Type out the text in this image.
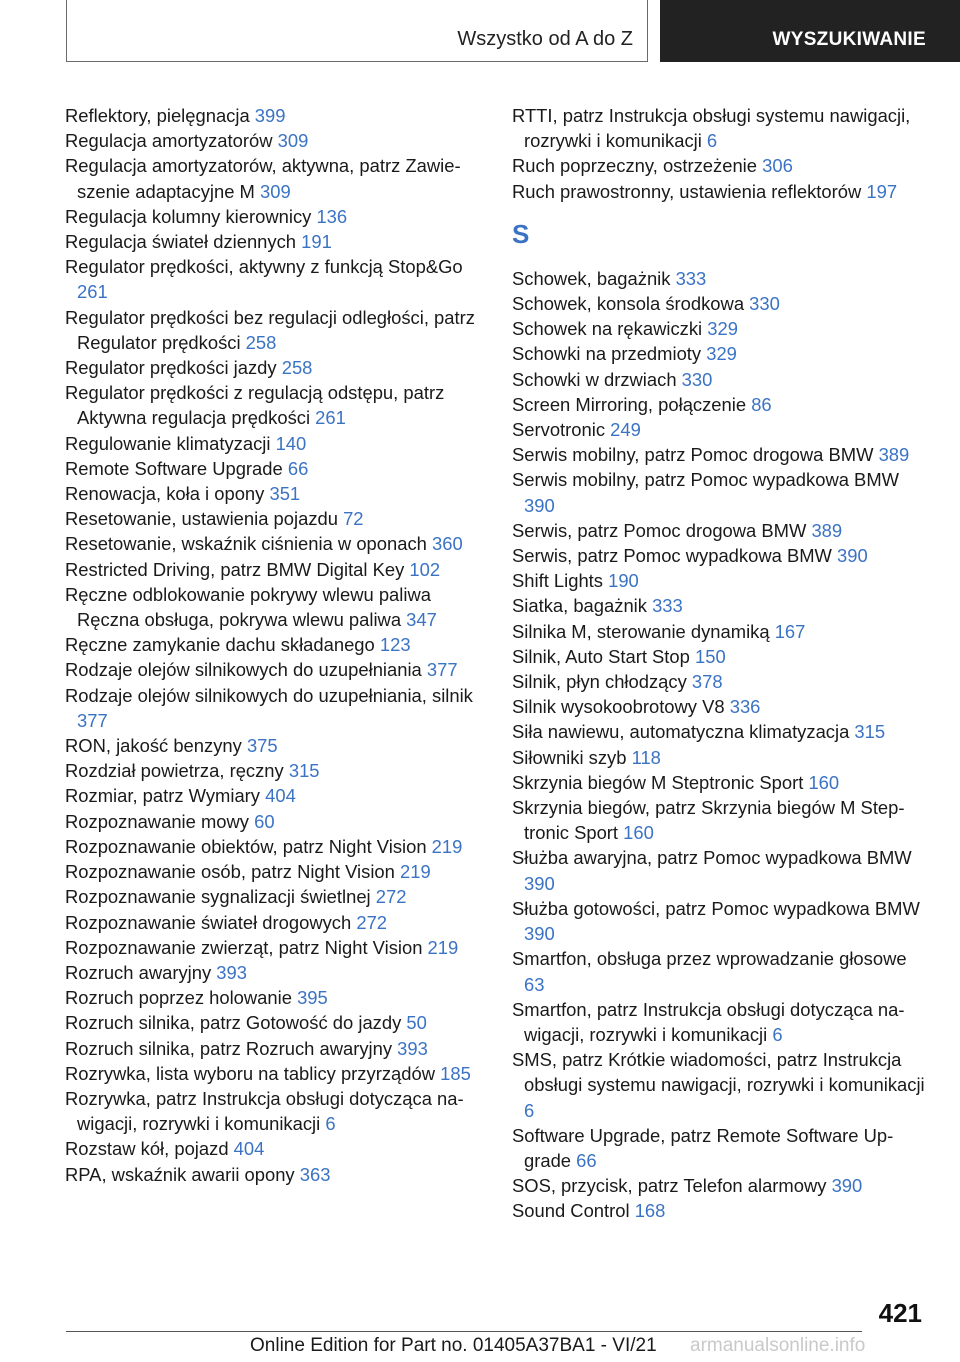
Wszystko od A do Z	WYSZUKIWANIE

Reflektory, pielęgnacja 399

Regulacja amortyzatorów 309

Regulacja amortyzatorów, aktywna, patrz Zawieszenie adaptacyjne M 309

Regulacja kolumny kierownicy 136

Regulacja świateł dziennych 191

Regulator prędkości, aktywny z funkcją Stop&Go 261

Regulator prędkości bez regulacji odległości, patrz Regulator prędkości 258

Regulator prędkości jazdy 258

Regulator prędkości z regulacją odstępu, patrz Aktywna regulacja prędkości 261

Regulowanie klimatyzacji 140

Remote Software Upgrade 66

Renowacja, koła i opony 351

Resetowanie, ustawienia pojazdu 72

Resetowanie, wskaźnik ciśnienia w oponach 360

Restricted Driving, patrz BMW Digital Key 102

Ręczne odblokowanie pokrywy wlewu paliwa Ręczna obsługa, pokrywa wlewu paliwa 347

Ręczne zamykanie dachu składanego 123

Rodzaje olejów silnikowych do uzupełniania 377

Rodzaje olejów silnikowych do uzupełniania, silnik 377

RON, jakość benzyny 375

Rozdział powietrza, ręczny 315

Rozmiar, patrz Wymiary 404

Rozpoznawanie mowy 60

Rozpoznawanie obiektów, patrz Night Vision 219

Rozpoznawanie osób, patrz Night Vision 219

Rozpoznawanie sygnalizacji świetlnej 272

Rozpoznawanie świateł drogowych 272

Rozpoznawanie zwierząt, patrz Night Vision 219

Rozruch awaryjny 393

Rozruch poprzez holowanie 395

Rozruch silnika, patrz Gotowość do jazdy 50

Rozruch silnika, patrz Rozruch awaryjny 393

Rozrywka, lista wyboru na tablicy przyrządów 185

Rozrywka, patrz Instrukcja obsługi dotycząca nawigacji, rozrywki i komunikacji 6

Rozstaw kół, pojazd 404

RPA, wskaźnik awarii opony 363

RTTI, patrz Instrukcja obsługi systemu nawigacji, rozrywki i komunikacji 6

Ruch poprzeczny, ostrzeżenie 306

Ruch prawostronny, ustawienia reflektorów 197

S

Schowek, bagażnik 333

Schowek, konsola środkowa 330

Schowek na rękawiczki 329

Schowki na przedmioty 329

Schowki w drzwiach 330

Screen Mirroring, połączenie 86

Servotronic 249

Serwis mobilny, patrz Pomoc drogowa BMW 389

Serwis mobilny, patrz Pomoc wypadkowa BMW 390

Serwis, patrz Pomoc drogowa BMW 389

Serwis, patrz Pomoc wypadkowa BMW 390

Shift Lights 190

Siatka, bagażnik 333

Silnika M, sterowanie dynamiką 167

Silnik, Auto Start Stop 150

Silnik, płyn chłodzący 378

Silnik wysokoobrotowy V8 336

Siła nawiewu, automatyczna klimatyzacja 315

Siłowniki szyb 118

Skrzynia biegów M Steptronic Sport 160

Skrzynia biegów, patrz Skrzynia biegów M Steptronic Sport 160

Służba awaryjna, patrz Pomoc wypadkowa BMW 390

Służba gotowości, patrz Pomoc wypadkowa BMW 390

Smartfon, obsługa przez wprowadzanie głosowe 63

Smartfon, patrz Instrukcja obsługi dotycząca nawigacji, rozrywki i komunikacji 6

SMS, patrz Krótkie wiadomości, patrz Instrukcja obsługi systemu nawigacji, rozrywki i komunikacji 6

Software Upgrade, patrz Remote Software Upgrade 66

SOS, przycisk, patrz Telefon alarmowy 390

Sound Control 168

421
Online Edition for Part no. 01405A37BA1 - VI/21 armanualsonline.info
